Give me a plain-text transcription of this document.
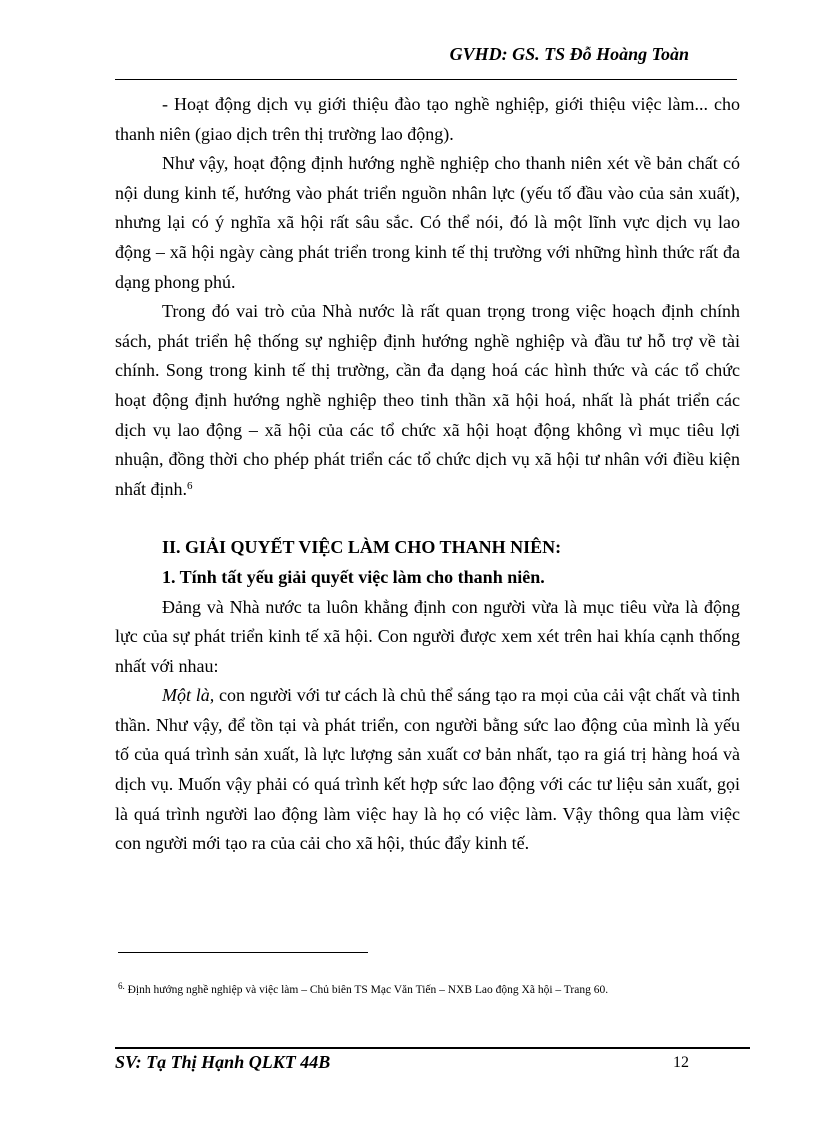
GVHD: GS. TS Đỗ Hoàng Toàn

- Hoạt động dịch vụ giới thiệu đào tạo nghề nghiệp, giới thiệu việc làm... cho thanh niên (giao dịch trên thị trường lao động).

Như vậy, hoạt động định hướng nghề nghiệp cho thanh niên xét về bản chất có nội dung kinh tế, hướng vào phát triển nguồn nhân lực (yếu tố đầu vào của sản xuất), nhưng lại có ý nghĩa xã hội rất sâu sắc. Có thể nói, đó là một lĩnh vực dịch vụ lao động – xã hội ngày càng phát triển trong kinh tế thị trường với những hình thức rất đa dạng phong phú.

Trong đó vai trò của Nhà nước là rất quan trọng trong việc hoạch định chính sách, phát triển hệ thống sự nghiệp định hướng nghề nghiệp và đầu tư hỗ trợ về tài chính. Song trong kinh tế thị trường, cần đa dạng hoá các hình thức và các tổ chức hoạt động định hướng nghề nghiệp theo tinh thần xã hội hoá, nhất là phát triển các dịch vụ lao động – xã hội của các tổ chức xã hội hoạt động không vì mục tiêu lợi nhuận, đồng thời cho phép phát triển các tổ chức dịch vụ xã hội tư nhân với điều kiện nhất định.$^6$

II. GIẢI QUYẾT VIỆC LÀM CHO THANH NIÊN:

1. Tính tất yếu giải quyết việc làm cho thanh niên.

Đảng và Nhà nước ta luôn khẳng định con người vừa là mục tiêu vừa là động lực của sự phát triển kinh tế xã hội. Con người được xem xét trên hai khía cạnh thống nhất với nhau:

Một là, con người với tư cách là chủ thể sáng tạo ra mọi của cải vật chất và tinh thần. Như vậy, để tồn tại và phát triển, con người bằng sức lao động của mình là yếu tố của quá trình sản xuất, là lực lượng sản xuất cơ bản nhất, tạo ra giá trị hàng hoá và dịch vụ. Muốn vậy phải có quá trình kết hợp sức lao động với các tư liệu sản xuất, gọi là quá trình người lao động làm việc hay là họ có việc làm. Vậy thông qua làm việc con người mới tạo ra của cải cho xã hội, thúc đẩy kinh tế.

$^{6.}$ Định hướng nghề nghiệp và việc làm – Chủ biên TS Mạc Văn Tiến – NXB Lao động Xã hội – Trang 60.
SV: Tạ Thị Hạnh QLKT 44B	12
